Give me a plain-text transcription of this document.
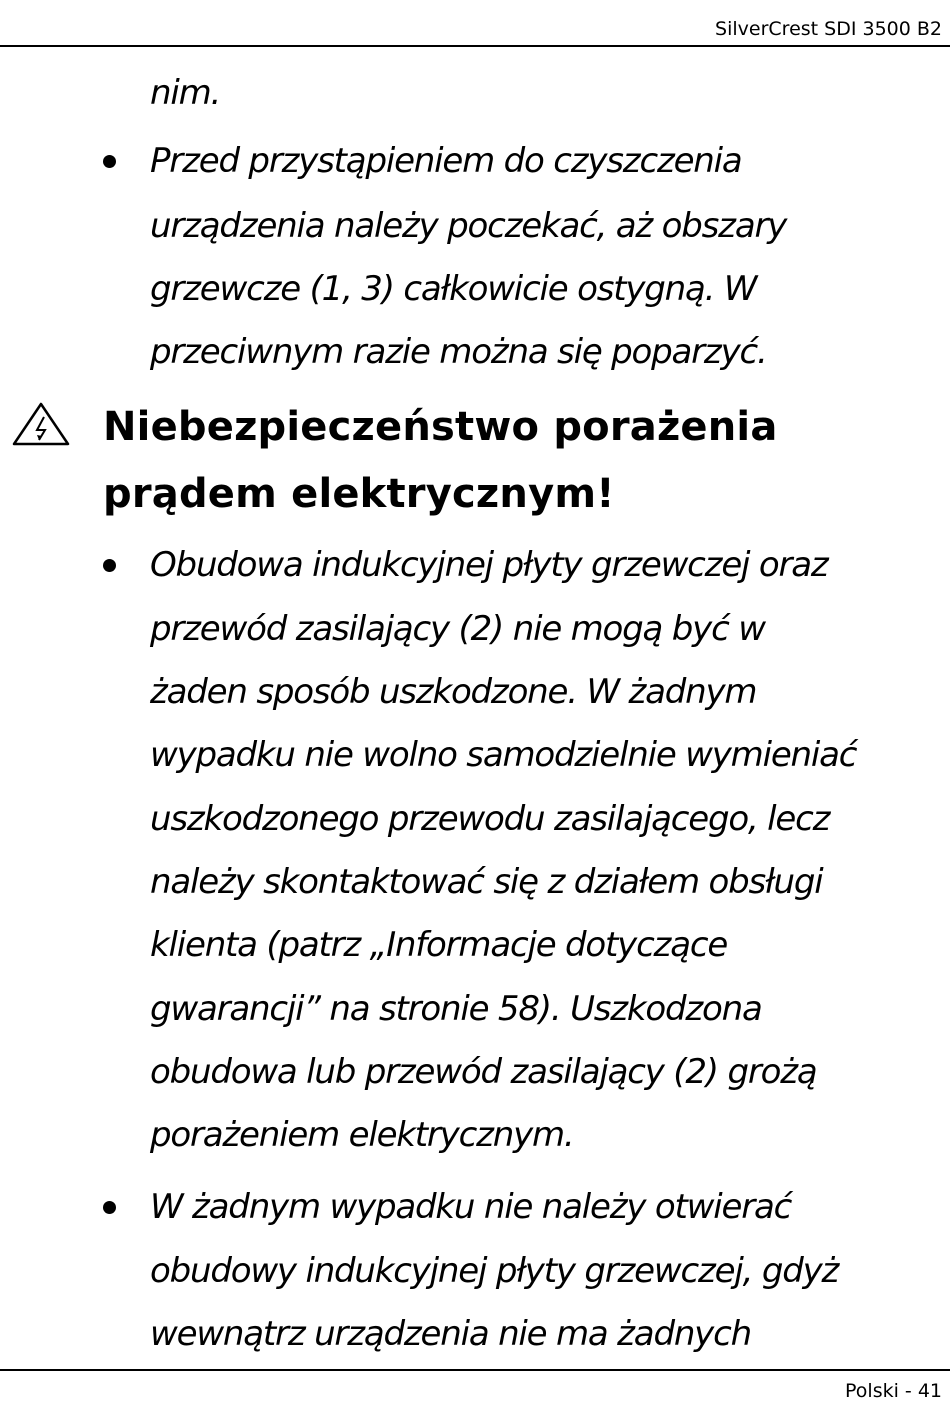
SilverCrest SDI 3500 B2
nim.
Przed przystąpieniem do czyszczenia
urządzenia należy poczekać, aż obszary
grzewcze (1, 3) całkowicie ostygną. W
przeciwnym razie można się poparzyć.
Niebezpieczeństwo porażenia
prądem elektrycznym!
Obudowa indukcyjnej płyty grzewczej oraz
przewód zasilający (2) nie mogą być w
żaden sposób uszkodzone. W żadnym
wypadku nie wolno samodzielnie wymieniać
uszkodzonego przewodu zasilającego, lecz
należy skontaktować się z działem obsługi
klienta (patrz „Informacje dotyczące
gwarancji” na stronie 58). Uszkodzona
obudowa lub przewód zasilający (2) grożą
porażeniem elektrycznym.
W żadnym wypadku nie należy otwierać
obudowy indukcyjnej płyty grzewczej, gdyż
wewnątrz urządzenia nie ma żadnych
Polski - 41
